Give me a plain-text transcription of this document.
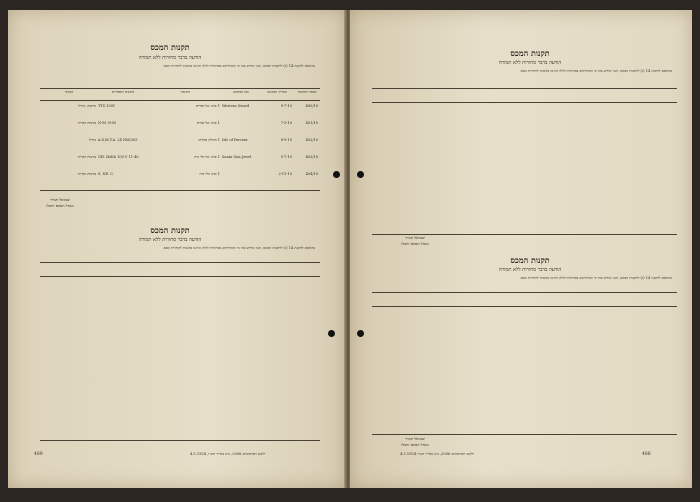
תקנות המכס
הודעה בדבר סחורות ללא תמורה
בהתאם לתקנה 14 (ג) לתקנות המכס, הנני מודיע בזה כי המחזיקים בסחורות להלן הגישו בקשות להחזרת מכס.
מספר הבקשה
תאריך הבקשה
שם המבקש
התיאור
סימנים ומספרים
המקור
400/10
9-7-10
Western Sword
1 ארגז של ספרים
TTS 1001
פרנסה, ברזיל
401/10
7-3-10
1 ארגז של בגדים
N-M. N-M
ארצות הברית
402/10
8-9-10
Isle of Percent
1 חבילת ספרים
A.S.M.T.A. 24 NM/305
ברזיל
403/10
5-7-10
Santa Ona Jewel
1 ארגז של כלי בית
GH. Holth 100 V 11-40
ארצות הברית
404/10
2-11-10
1 ארגז כלי בית
S. NE. C.
ארצות הברית
שמואל תמיר
מנהל המכס והבלו
תקנות המכס
הודעה בדבר סחורות ללא תמורה
בהתאם לתקנה 14 (ג) לתקנות המכס, הנני מודיע בזה כי המחזיקים בסחורות להלן הגישו בקשות להחזרת מכס.
489	ילקוט הפרסומים 2006, כ״ב באייר תש״ו, 4.5.1954
תקנות המכס
הודעה בדבר סחורות ללא תמורה
בהתאם לתקנה 14 (ג) לתקנות המכס, הנני מודיע בזה כי המחזיקים בסחורות להלן הגישו בקשות להחזרת מכס.
שמואל תמיר
מנהל המכס והבלו
תקנות המכס
הודעה בדבר סחורות ללא תמורה
בהתאם לתקנה 14 (ג) לתקנות המכס, הנני מודיע בזה כי המחזיקים בסחורות להלן הגישו בקשות להחזרת מכס.
שמואל תמיר
מנהל המכס והבלו
488
4.5.1954 ילקוט הפרסומים 2006, כ״ב באייר תש״ו
